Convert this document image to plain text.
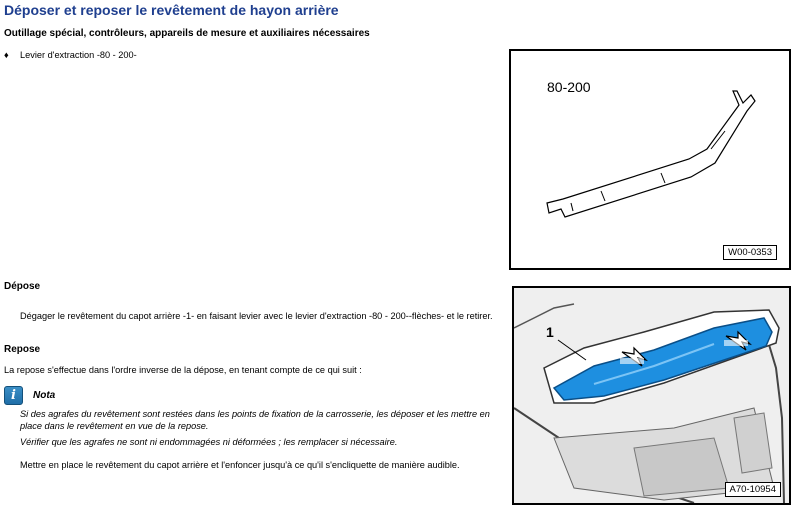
Déposer et reposer le revêtement de hayon arrière
Outillage spécial, contrôleurs, appareils de mesure et auxiliaires nécessaires
♦ Levier d'extraction -80 - 200-
Dépose
Dégager le revêtement du capot arrière -1- en faisant levier avec le levier d'extraction -80 - 200--flèches- et le retirer.
Repose
La repose s'effectue dans l'ordre inverse de la dépose, en tenant compte de ce qui suit :
i	Nota
Si des agrafes du revêtement sont restées dans les points de fixation de la carrosserie, les déposer et les mettre en place dans le revêtement en vue de la repose.
Vérifier que les agrafes ne sont ni endommagées ni déformées ; les remplacer si nécessaire.
Mettre en place le revêtement du capot arrière et l'enfoncer jusqu'à ce qu'il s'encliquette de manière audible.
80-200
W00-0353
1
A70-10954
